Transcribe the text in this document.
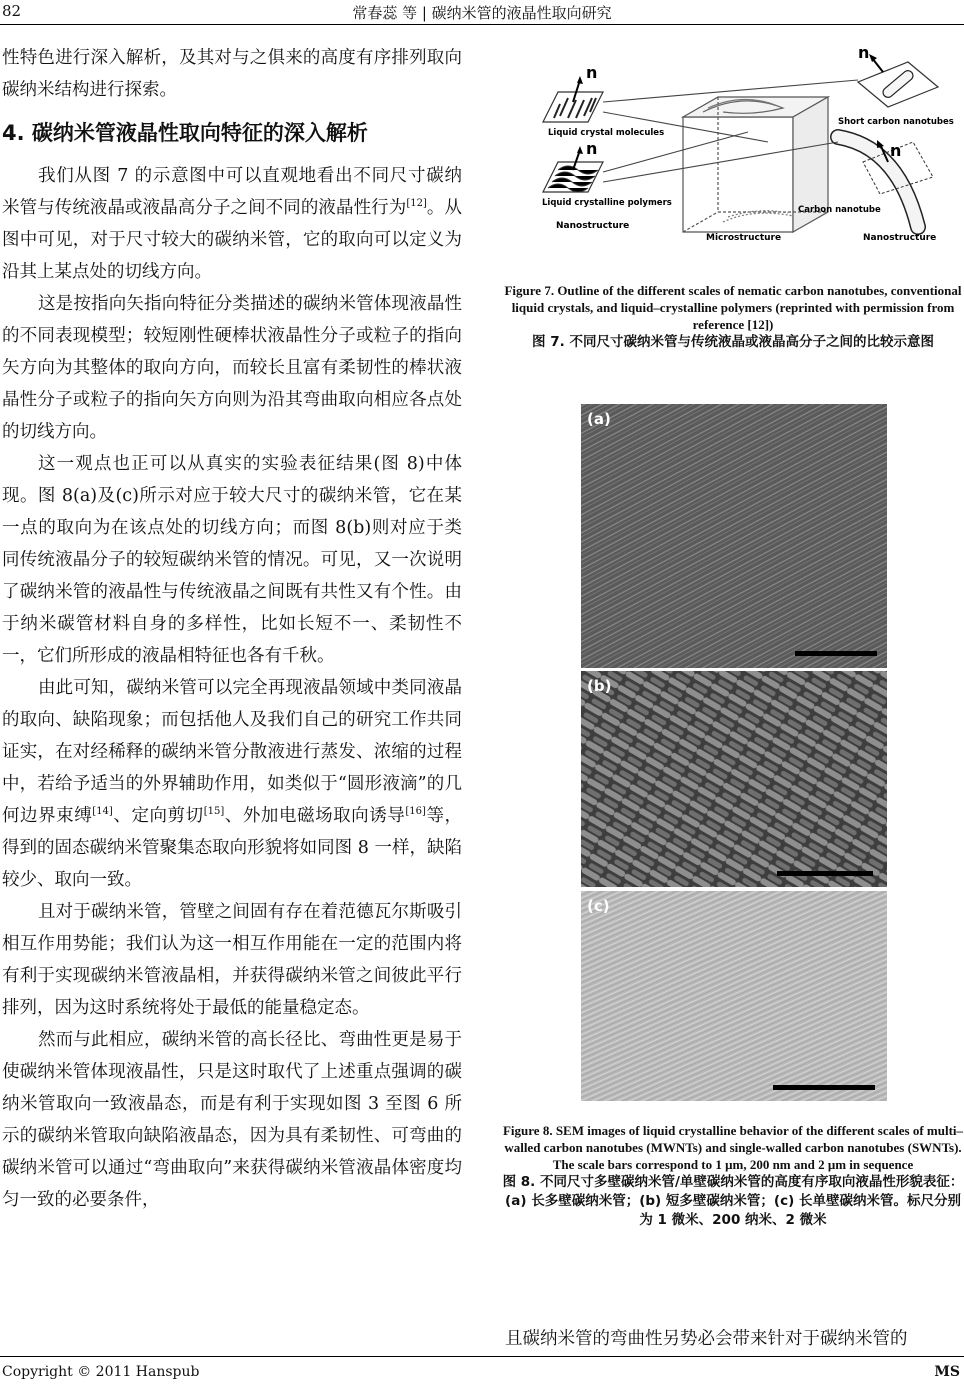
82	常春蕊 等 | 碳纳米管的液晶性取向研究

性特色进行深入解析，及其对与之俱来的高度有序排列取向碳纳米结构进行探索。

4. 碳纳米管液晶性取向特征的深入解析

我们从图 7 的示意图中可以直观地看出不同尺寸碳纳米管与传统液晶或液晶高分子之间不同的液晶性行为[12]。从图中可见，对于尺寸较大的碳纳米管，它的取向可以定义为沿其上某点处的切线方向。

这是按指向矢指向特征分类描述的碳纳米管体现液晶性的不同表现模型；较短刚性硬棒状液晶性分子或粒子的指向矢方向为其整体的取向方向，而较长且富有柔韧性的棒状液晶性分子或粒子的指向矢方向则为沿其弯曲取向相应各点处的切线方向。

这一观点也正可以从真实的实验表征结果(图 8)中体现。图 8(a)及(c)所示对应于较大尺寸的碳纳米管，它在某一点的取向为在该点处的切线方向；而图 8(b)则对应于类同传统液晶分子的较短碳纳米管的情况。可见，又一次说明了碳纳米管的液晶性与传统液晶之间既有共性又有个性。由于纳米碳管材料自身的多样性，比如长短不一、柔韧性不一，它们所形成的液晶相特征也各有千秋。

由此可知，碳纳米管可以完全再现液晶领域中类同液晶的取向、缺陷现象；而包括他人及我们自己的研究工作共同证实，在对经稀释的碳纳米管分散液进行蒸发、浓缩的过程中，若给予适当的外界辅助作用，如类似于“圆形液滴”的几何边界束缚[14]、定向剪切[15]、外加电磁场取向诱导[16]等，得到的固态碳纳米管聚集态取向形貌将如同图 8 一样，缺陷较少、取向一致。

且对于碳纳米管，管壁之间固有存在着范德瓦尔斯吸引相互作用势能；我们认为这一相互作用能在一定的范围内将有利于实现碳纳米管液晶相，并获得碳纳米管之间彼此平行排列，因为这时系统将处于最低的能量稳定态。

然而与此相应，碳纳米管的高长径比、弯曲性更是易于使碳纳米管体现液晶性，只是这时取代了上述重点强调的碳纳米管取向一致液晶态，而是有利于实现如图 3 至图 6 所示的碳纳米管取向缺陷液晶态，因为具有柔韧性、可弯曲的碳纳米管可以通过“弯曲取向”来获得碳纳米管液晶体密度均匀一致的必要条件，

n
Liquid crystal molecules
n
Liquid crystalline polymers
Nanostructure
Microstructure
n
Short carbon nanotubes
n
Carbon nanotube
Nanostructure
Figure 7. Outline of the different scales of nematic carbon nanotubes, conventional liquid crystals, and liquid–crystalline polymers (reprinted with permission from reference [12])
图 7. 不同尺寸碳纳米管与传统液晶或液晶高分子之间的比较示意图
(a)
(b)
(c)
Figure 8. SEM images of liquid crystalline behavior of the different scales of multi–walled carbon nanotubes (MWNTs) and single-walled carbon nanotubes (SWNTs). The scale bars correspond to 1 μm, 200 nm and 2 μm in sequence
图 8. 不同尺寸多壁碳纳米管/单壁碳纳米管的高度有序取向液晶性形貌表征：(a) 长多壁碳纳米管；(b) 短多壁碳纳米管；(c) 长单壁碳纳米管。标尺分别为 1 微米、200 纳米、2 微米
且碳纳米管的弯曲性另势必会带来针对于碳纳米管的
Copyright © 2011 Hanspub	MS
